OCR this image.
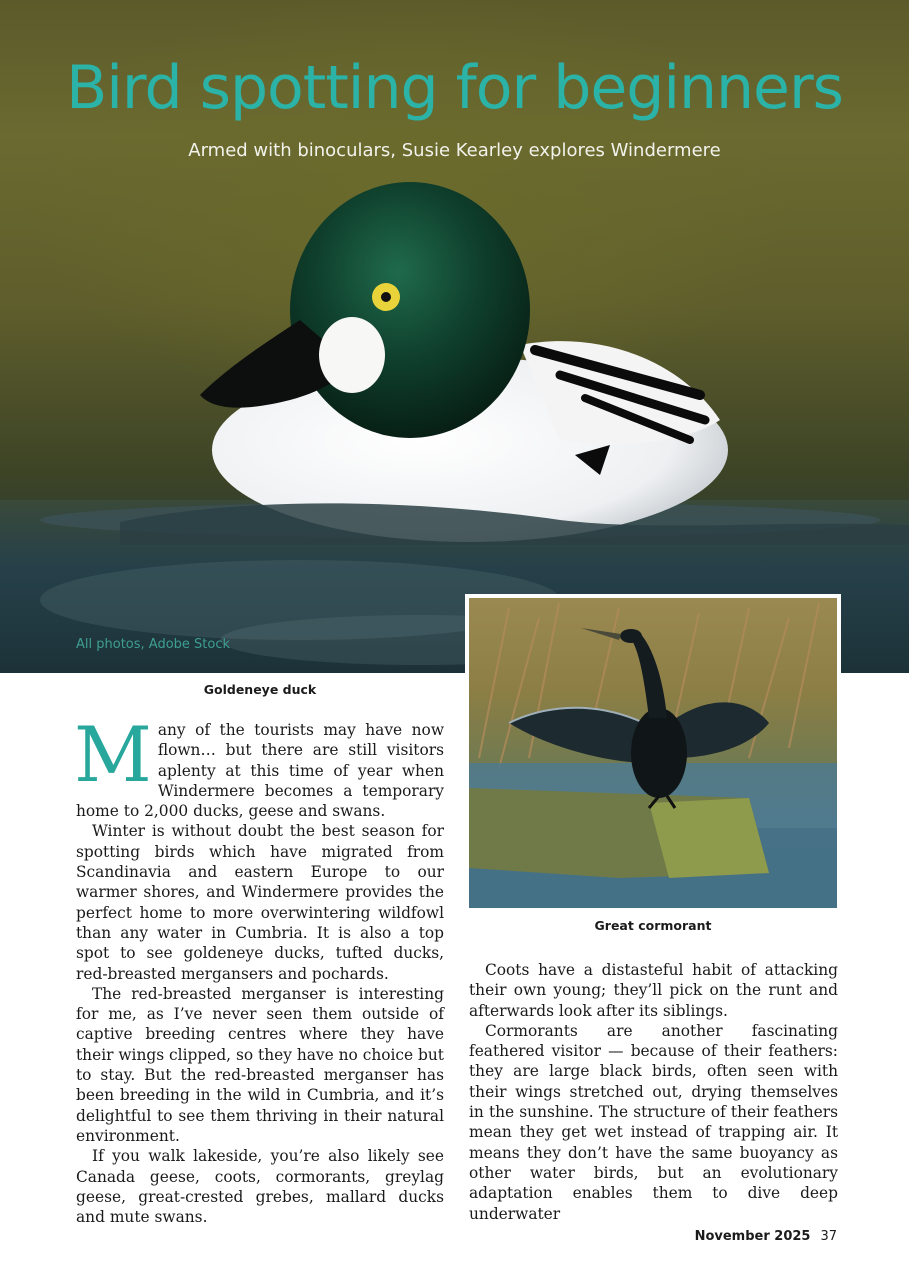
Bird spotting for beginners

Armed with binoculars, Susie Kearley explores Windermere

All photos, Adobe Stock
Goldeneye duck
Great cormorant

Many of the tourists may have now flown… but there are still visitors aplenty at this time of year when Windermere becomes a temporary home to 2,000 ducks, geese and swans.

Winter is without doubt the best season for spotting birds which have migrated from Scandinavia and eastern Europe to our warmer shores, and Windermere provides the perfect home to more overwintering wildfowl than any water in Cumbria. It is also a top spot to see goldeneye ducks, tufted ducks, red-breasted mergansers and pochards.

The red-breasted merganser is interesting for me, as I’ve never seen them outside of captive breeding centres where they have their wings clipped, so they have no choice but to stay. But the red-breasted merganser has been breeding in the wild in Cumbria, and it’s delightful to see them thriving in their natural environment.

If you walk lakeside, you’re also likely see Canada geese, coots, cormorants, greylag geese, great-crested grebes, mallard ducks and mute swans.

Coots have a distasteful habit of attacking their own young; they’ll pick on the runt and afterwards look after its siblings.

Cormorants are another fascinating feathered visitor — because of their feathers: they are large black birds, often seen with their wings stretched out, drying themselves in the sunshine. The structure of their feathers mean they get wet instead of trapping air. It means they don’t have the same buoyancy as other water birds, but an evolutionary adaptation enables them to dive deep underwater

November 2025 37
